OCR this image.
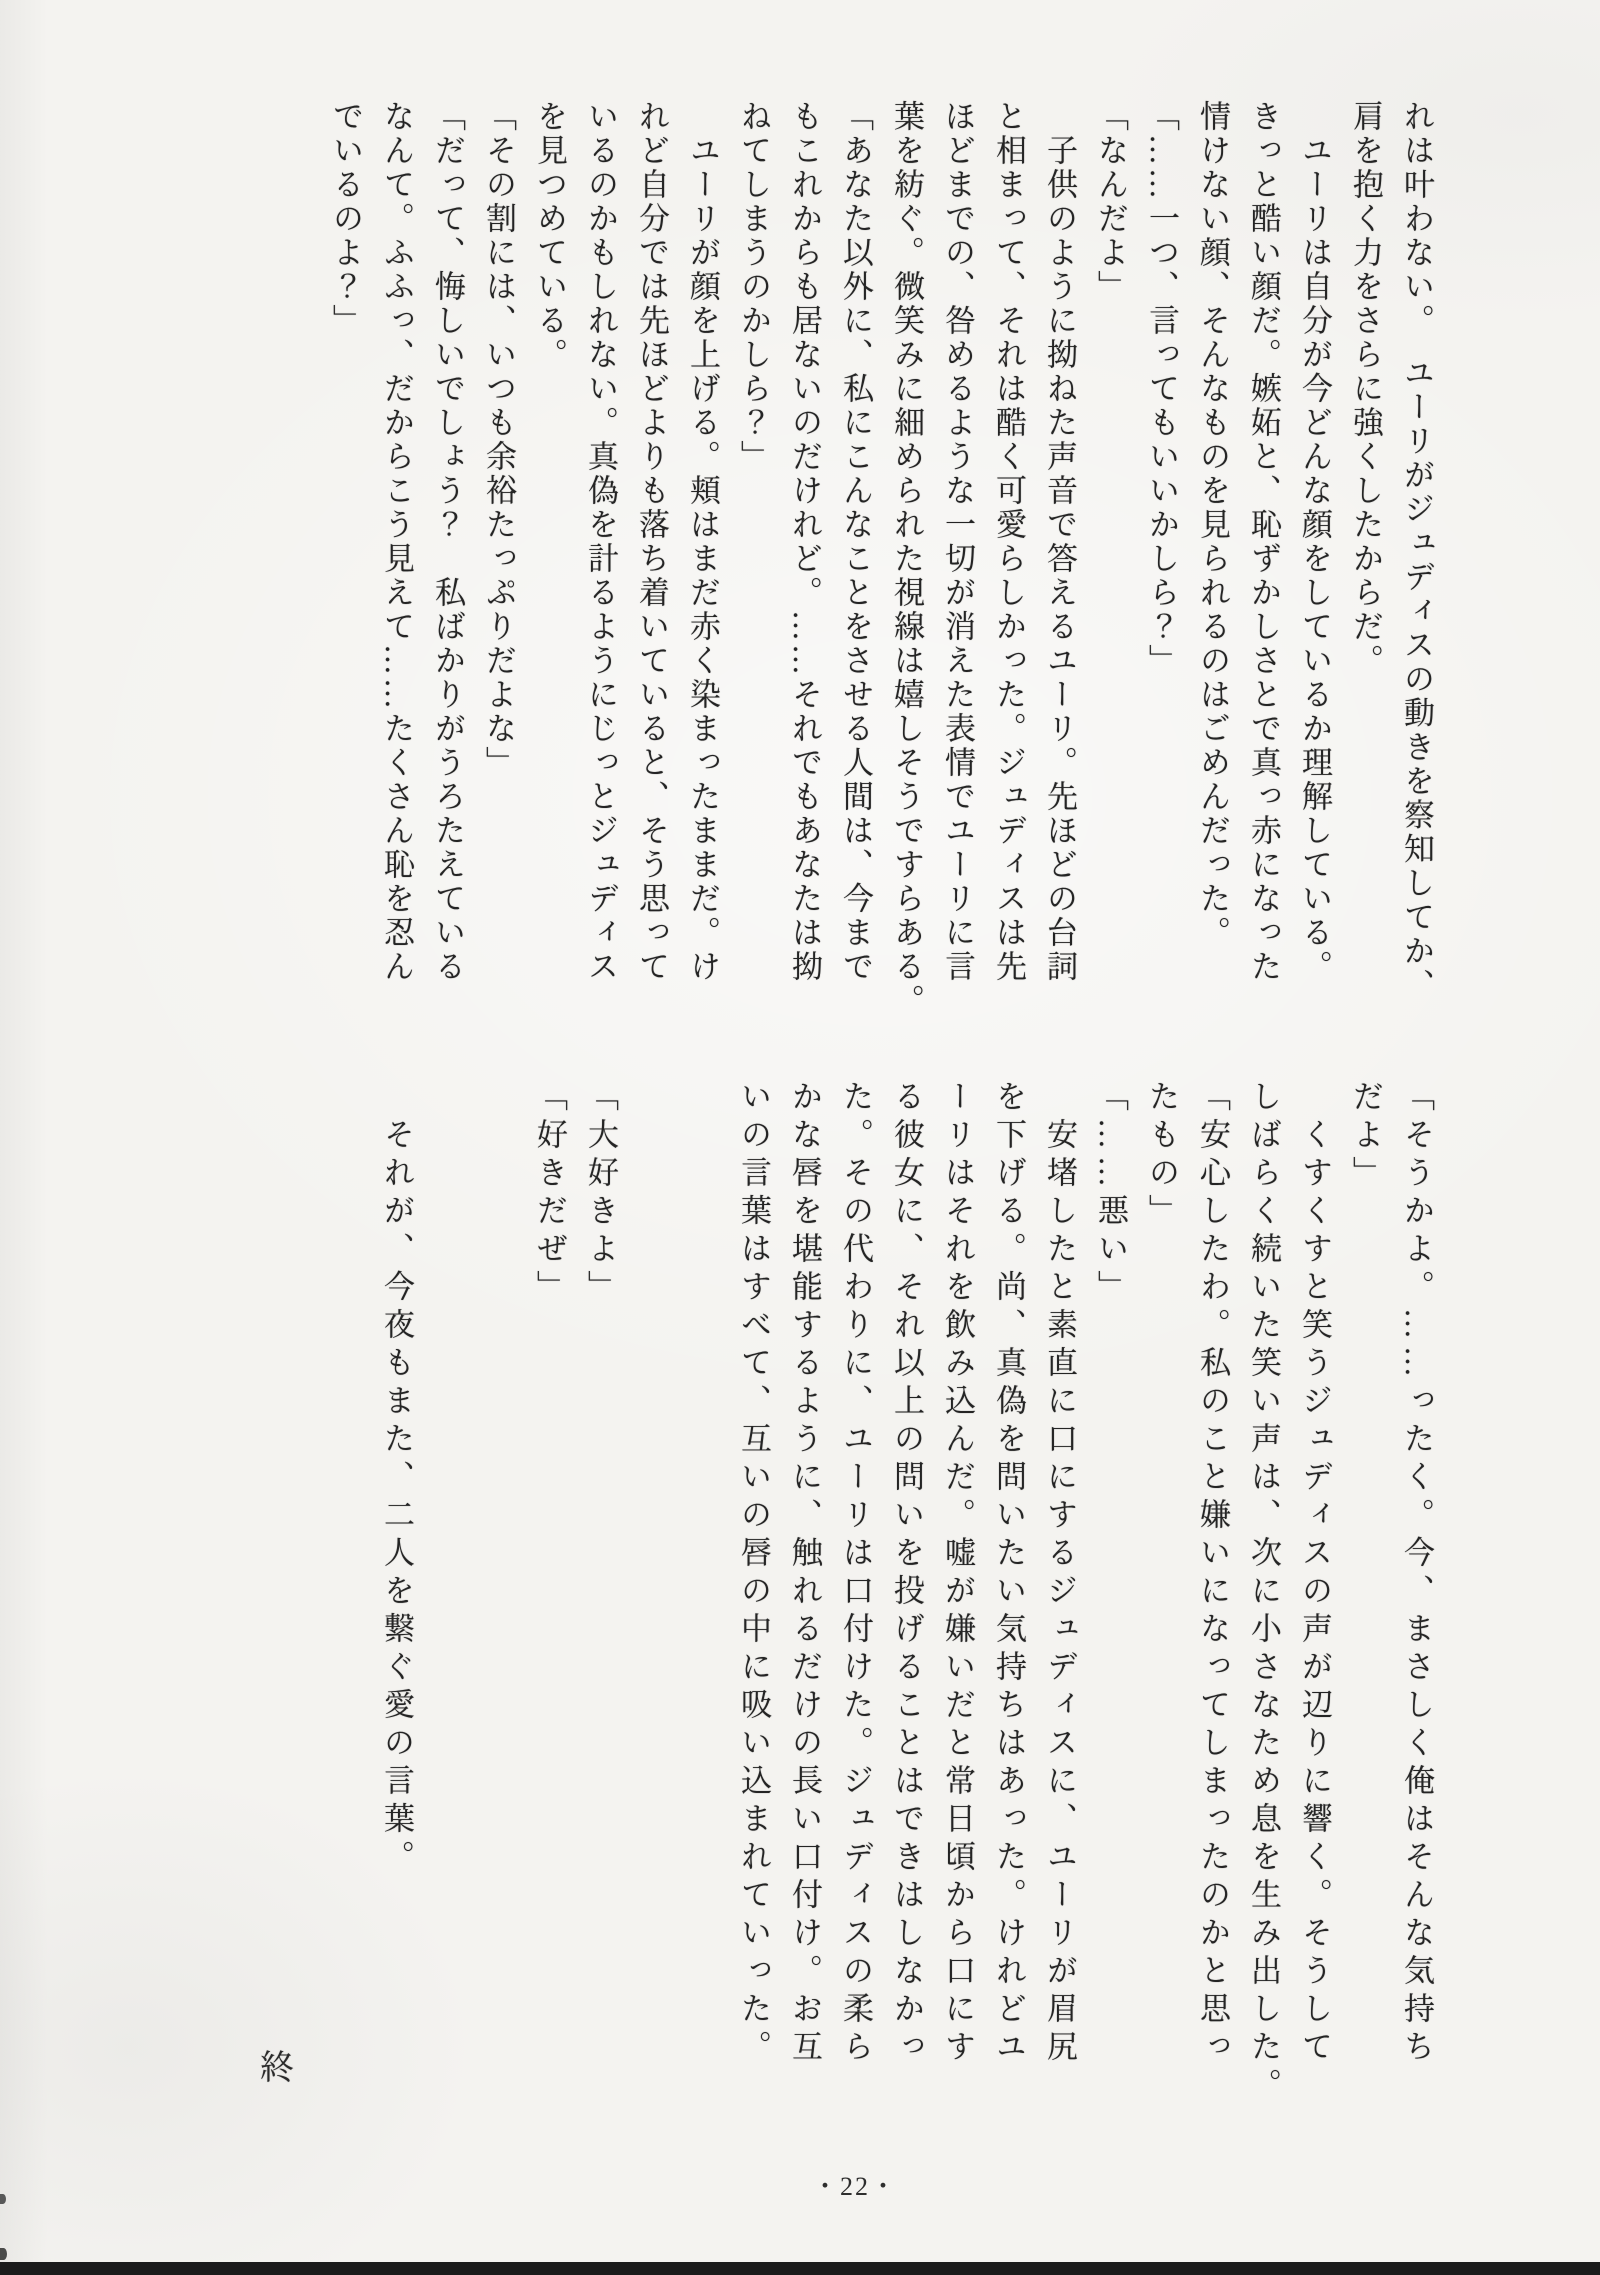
れは叶わない。　ユーリがジュディスの動きを察知してか、

肩を抱く力をさらに強くしたからだ。

　ユーリは自分が今どんな顔をしているか理解している。

きっと酷い顔だ。嫉妬と、恥ずかしさとで真っ赤になった

情けない顔、そんなものを見られるのはごめんだった。

「……一つ、言ってもいいかしら？」

「なんだよ」

　子供のように拗ねた声音で答えるユーリ。先ほどの台詞

と相まって、それは酷く可愛らしかった。ジュディスは先

ほどまでの、咎めるような一切が消えた表情でユーリに言

葉を紡ぐ。微笑みに細められた視線は嬉しそうですらある。

「あなた以外に、私にこんなことをさせる人間は、今まで

もこれからも居ないのだけれど。……それでもあなたは拗

ねてしまうのかしら？」

　ユーリが顔を上げる。頬はまだ赤く染まったままだ。け

れど自分では先ほどよりも落ち着いていると、そう思って

いるのかもしれない。真偽を計るようにじっとジュディス

を見つめている。

「その割には、いつも余裕たっぷりだよな」

「だって、悔しいでしょう？　私ばかりがうろたえている

なんて。ふふっ、だからこう見えて……たくさん恥を忍ん

でいるのよ？」

「そうかよ。……ったく。今、まさしく俺はそんな気持ち

だよ」

　くすくすと笑うジュディスの声が辺りに響く。そうして

しばらく続いた笑い声は、次に小さなため息を生み出した。

「安心したわ。私のこと嫌いになってしまったのかと思っ

たもの」

「……悪い」

　安堵したと素直に口にするジュディスに、ユーリが眉尻

を下げる。尚、真偽を問いたい気持ちはあった。けれどユ

ーリはそれを飲み込んだ。嘘が嫌いだと常日頃から口にす

る彼女に、それ以上の問いを投げることはできはしなかっ

た。その代わりに、ユーリは口付けた。ジュディスの柔ら

かな唇を堪能するように、触れるだけの長い口付け。お互

いの言葉はすべて、互いの唇の中に吸い込まれていった。

「大好きよ」

「好きだぜ」

　それが、今夜もまた、二人を繋ぐ愛の言葉。

終
・22・
